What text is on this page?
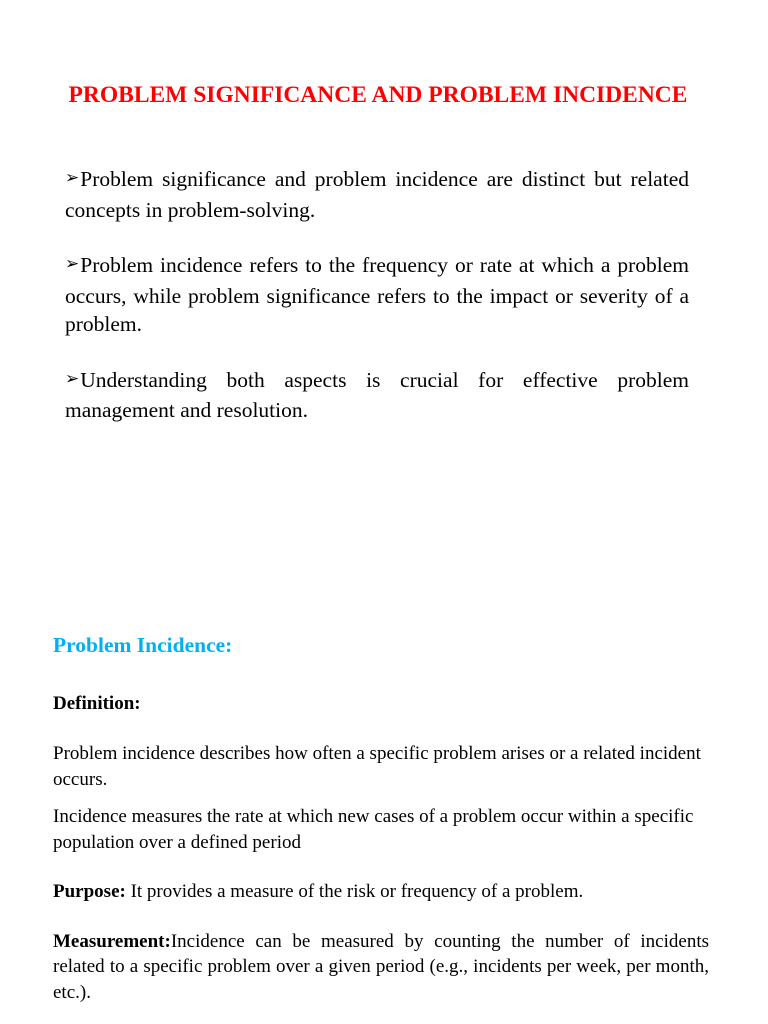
PROBLEM SIGNIFICANCE AND PROBLEM INCIDENCE
➢Problem significance and problem incidence are distinct but related concepts in problem-solving.
➢Problem incidence refers to the frequency or rate at which a problem occurs, while problem significance refers to the impact or severity of a problem.
➢Understanding both aspects is crucial for effective problem management and resolution.
Problem Incidence:

Definition:

Problem incidence describes how often a specific problem arises or a related incident occurs.

Incidence measures the rate at which new cases of a problem occur within a specific population over a defined period

Purpose: It provides a measure of the risk or frequency of a problem.

Measurement:Incidence can be measured by counting the number of incidents related to a specific problem over a given period (e.g., incidents per week, per month, etc.).
